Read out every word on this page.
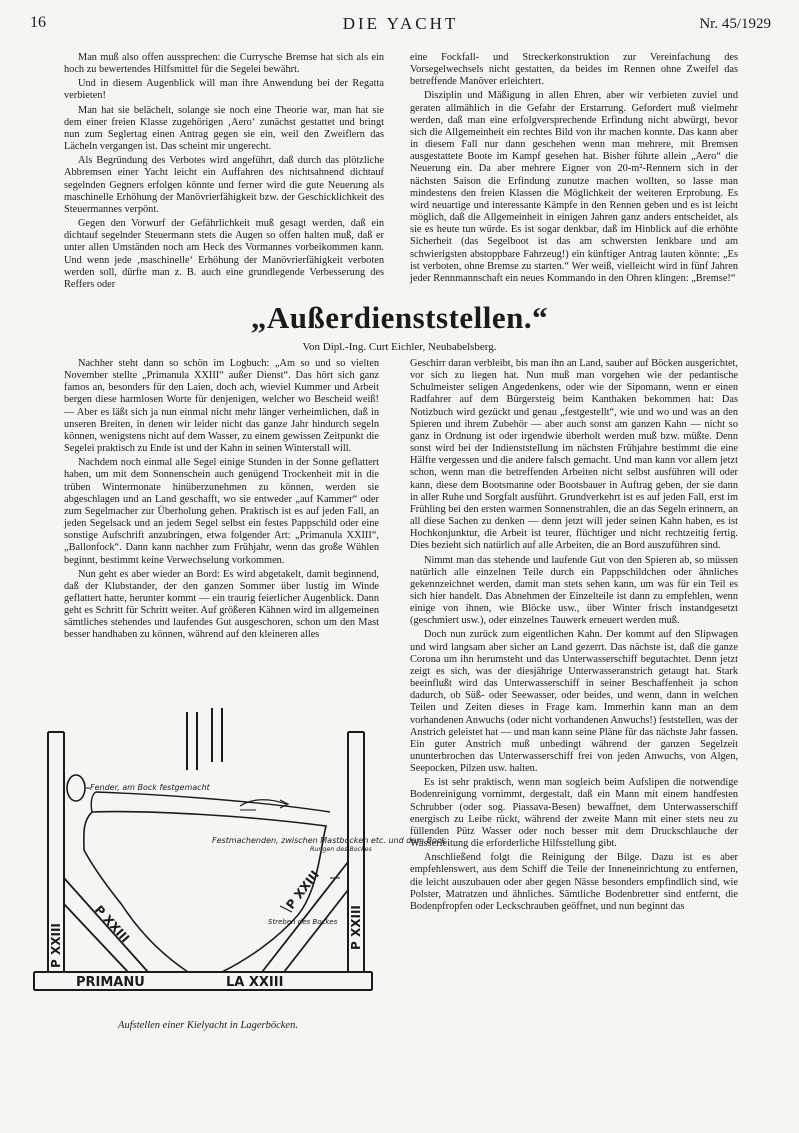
16	DIE YACHT	Nr. 45/1929

Man muß also offen aussprechen: die Currysche Bremse hat sich als ein hoch zu bewertendes Hilfsmittel für die Segelei bewährt.

Und in diesem Augenblick will man ihre Anwendung bei der Regatta verbieten!

Man hat sie belächelt, solange sie noch eine Theorie war, man hat sie dem einer freien Klasse zugehörigen ‚Aero‘ zunächst gestattet und bringt nun zum Seglertag einen Antrag gegen sie ein, weil den Zweiflern das Lächeln vergangen ist. Das scheint mir ungerecht.

Als Begründung des Verbotes wird angeführt, daß durch das plötzliche Abbremsen einer Yacht leicht ein Auffahren des nichtsahnend dichtauf segelnden Gegners erfolgen könnte und ferner wird die gute Neuerung als maschinelle Erhöhung der Manövrierfähigkeit bzw. der Geschicklichkeit des Steuermannes verpönt.

Gegen den Vorwurf der Gefährlichkeit muß gesagt werden, daß ein dichtauf segelnder Steuermann stets die Augen so offen halten muß, daß er unter allen Umständen noch am Heck des Vormannes vorbeikommen kann. Und wenn jede ‚maschinelle‘ Erhöhung der Manövrierfähigkeit verboten werden soll, dürfte man z. B. auch eine grundlegende Verbesserung des Reffers oder

eine Fockfall- und Streckerkonstruktion zur Vereinfachung des Vorsegelwechsels nicht gestatten, da beides im Rennen ohne Zweifel das betreffende Manöver erleichtert.

Disziplin und Mäßigung in allen Ehren, aber wir verbieten zuviel und geraten allmählich in die Gefahr der Erstarrung. Gefordert muß vielmehr werden, daß man eine erfolgversprechende Erfindung nicht abwürgt, bevor sich die Allgemeinheit ein rechtes Bild von ihr machen konnte. Das kann aber in diesem Fall nur dann geschehen wenn man mehrere, mit Bremsen ausgestattete Boote im Kampf gesehen hat. Bisher führte allein „Aero“ die Neuerung ein. Da aber mehrere Eigner von 20-m²-Rennern sich in der nächsten Saison die Erfindung zunutze machen wollten, so lasse man mindestens den freien Klassen die Möglichkeit der weiteren Erprobung. Es wird neuartige und interessante Kämpfe in den Rennen geben und es ist leicht möglich, daß die Allgemeinheit in einigen Jahren ganz anders entscheidet, als sie es heute tun würde. Es ist sogar denkbar, daß im Hinblick auf die erhöhte Sicherheit (das Segelboot ist das am schwersten lenkbare und am schwierigsten abstoppbare Fahrzeug!) ein künftiger Antrag lauten könnte: „Es ist verboten, ohne Bremse zu starten.“ Wer weiß, vielleicht wird in fünf Jahren jeder Rennmannschaft ein neues Kommando in den Ohren klingen: „Bremse!“

„Außerdienststellen.“
Von Dipl.-Ing. Curt Eichler, Neubabelsberg.

Nachher steht dann so schön im Logbuch: „Am so und so vielten November stellte „Primanula XXIII“ außer Dienst“. Das hört sich ganz famos an, besonders für den Laien, doch ach, wieviel Kummer und Arbeit bergen diese harmlosen Worte für denjenigen, welcher wo Bescheid weiß! — Aber es läßt sich ja nun einmal nicht mehr länger verheimlichen, daß in unseren Breiten, in denen wir leider nicht das ganze Jahr hindurch segeln können, wenigstens nicht auf dem Wasser, zu einem gewissen Zeitpunkt die Segelei praktisch zu Ende ist und der Kahn in seinen Winterstall will.

Nachdem noch einmal alle Segel einige Stunden in der Sonne geflattert haben, um mit dem Sonnenschein auch genügend Trockenheit mit in die trüben Wintermonate hinüberzunehmen zu können, werden sie abgeschlagen und an Land geschafft, wo sie entweder „auf Kammer“ oder zum Segelmacher zur Überholung gehen. Praktisch ist es auf jeden Fall, an jeden Segelsack und an jedem Segel selbst ein festes Pappschild oder eine sonstige Aufschrift anzubringen, etwa folgender Art: „Primanula XXIII“, „Ballonfock“. Dann kann nachher zum Frühjahr, wenn das große Wühlen beginnt, bestimmt keine Verwechselung vorkommen.

Nun geht es aber wieder an Bord: Es wird abgetakelt, damit beginnend, daß der Klubstander, der den ganzen Sommer über lustig im Winde geflattert hatte, herunter kommt — ein traurig feierlicher Augenblick. Dann geht es Schritt für Schritt weiter. Auf größeren Kähnen wird im allgemeinen sämtliches stehendes und laufendes Gut ausgeschoren, schon um den Mast besser handhaben zu können, während auf den kleineren alles

Geschirr daran verbleibt, bis man ihn an Land, sauber auf Böcken ausgerichtet, vor sich zu liegen hat. Nun muß man vorgehen wie der pedantische Schulmeister seligen Angedenkens, oder wie der Sipomann, wenn er einen Radfahrer auf dem Bürgersteig beim Kanthaken bekommen hat: Das Notizbuch wird gezückt und genau „festgestellt“, wie und wo und was an den Spieren und ihrem Zubehör — aber auch sonst am ganzen Kahn — nicht so ganz in Ordnung ist oder irgendwie überholt werden muß bzw. müßte. Denn sonst wird bei der Indienststellung im nächsten Frühjahre bestimmt die eine Hälfte vergessen und die andere falsch gemacht. Und man kann vor allem jetzt schon, wenn man die betreffenden Arbeiten nicht selbst ausführen will oder kann, diese dem Bootsmanne oder Bootsbauer in Auftrag geben, der sie dann in aller Ruhe und Sorgfalt ausführt. Grundverkehrt ist es auf jeden Fall, erst im Frühling bei den ersten warmen Sonnenstrahlen, die an das Segeln erinnern, an all diese Sachen zu denken — denn jetzt will jeder seinen Kahn haben, es ist Hochkonjunktur, die Arbeit ist teurer, flüchtiger und nicht rechtzeitig fertig. Dies bezieht sich natürlich auf alle Arbeiten, die an Bord auszuführen sind.

Nimmt man das stehende und laufende Gut von den Spieren ab, so müssen natürlich alle einzelnen Teile durch ein Pappschildchen oder ähnliches gekennzeichnet werden, damit man stets sehen kann, um was für ein Teil es sich hier handelt. Das Abnehmen der Einzelteile ist dann zu empfehlen, wenn einige von ihnen, wie Blöcke usw., über Winter frisch instandgesetzt (geschmiert usw.), oder einzelnes Tauwerk erneuert werden muß.

Doch nun zurück zum eigentlichen Kahn. Der kommt auf den Slipwagen und wird langsam aber sicher an Land gezerrt. Das nächste ist, daß die ganze Corona um ihn herumsteht und das Unterwasserschiff begutachtet. Denn jetzt zeigt es sich, was der diesjährige Unterwasseranstrich getaugt hat. Stark beeinflußt wird das Unterwasserschiff in seiner Beschaffenheit ja schon dadurch, ob Süß- oder Seewasser, oder beides, und wenn, dann in welchen Teilen und Zeiten dieses in Frage kam. Immerhin kann man an dem vorhandenen Anwuchs (oder nicht vorhandenen Anwuchs!) feststellen, was der Anstrich geleistet hat — und man kann seine Pläne für das nächste Jahr fassen. Ein guter Anstrich muß unbedingt während der ganzen Segelzeit ununterbrochen das Unterwasserschiff frei von jeden Anwuchs, von Algen, Seepocken, Pilzen usw. halten.

Es ist sehr praktisch, wenn man sogleich beim Aufslipen die notwendige Bodenreinigung vornimmt, dergestalt, daß ein Mann mit einem handfesten Schrubber (oder sog. Piassava-Besen) bewaffnet, dem Unterwasserschiff energisch zu Leibe rückt, während der zweite Mann mit einer stets neu zu füllenden Pütz Wasser oder noch besser mit dem Druckschlauche der Wasserleitung die erforderliche Hilfsstellung gibt.

Anschließend folgt die Reinigung der Bilge. Dazu ist es aber empfehlenswert, aus dem Schiff die Teile der Inneneinrichtung zu entfernen, die leicht auszubauen oder aber gegen Nässe besonders empfindlich sind, wie Polster, Matratzen und ähnliches. Sämtliche Bodenbretter sind entfernt, die Bodenpfropfen oder Leckschrauben geöffnet, und nun beginnt das

Fender, am Bock festgemacht
Festmachenden, zwischen Mastbocken etc. und dem Bock
Rungen des Bockes
Streben des Bockes
P XXIII P XXIII
P XXIII
P XXIII
PRIMANU	LA XXIII
Aufstellen einer Kielyacht in Lagerböcken.
